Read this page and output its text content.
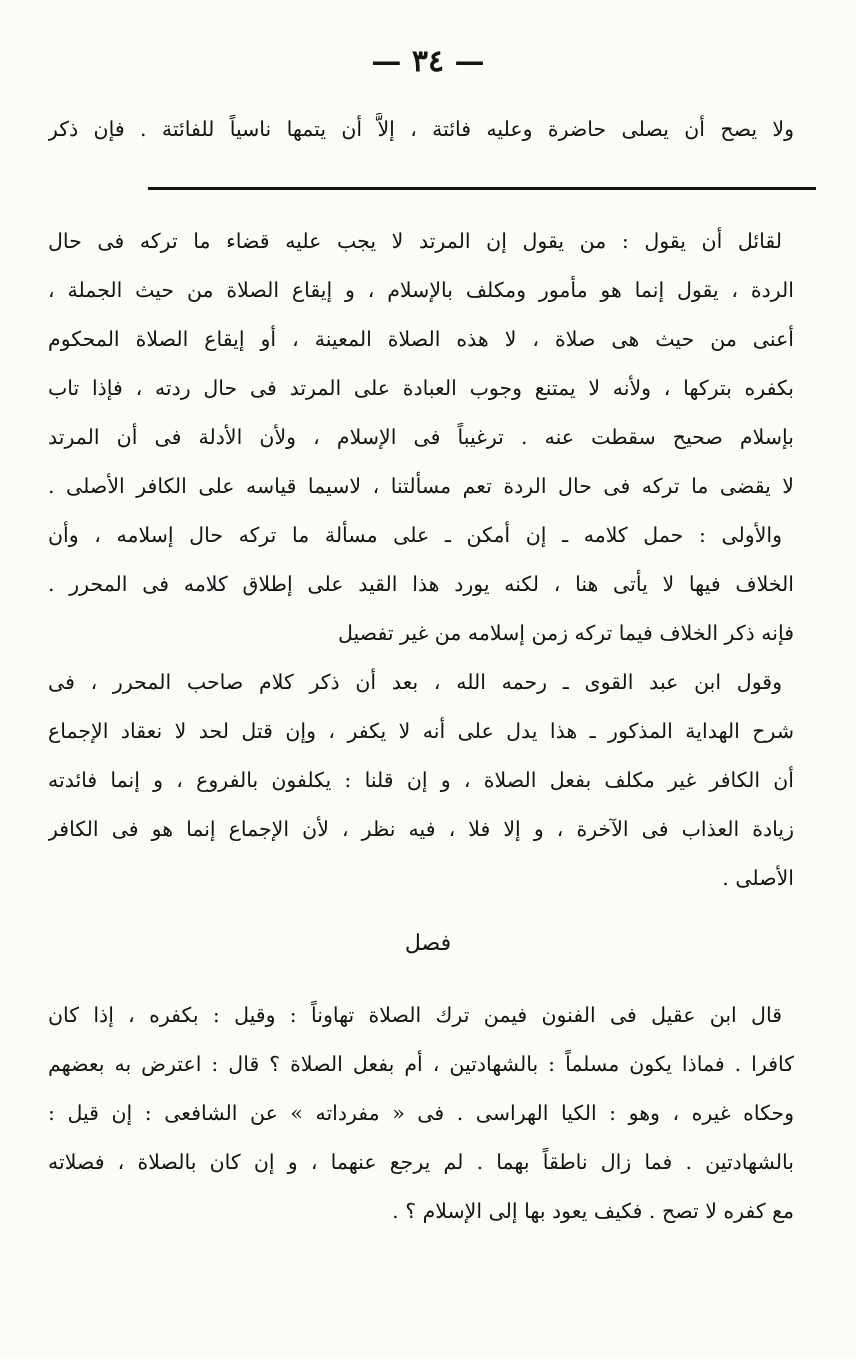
— ٣٤ —
ولا يصح أن يصلى حاضرة وعليه فائتة ، إلاَّ أن يتمها ناسياً للفائتة . فإن ذكر
لقائل أن يقول : من يقول إن المرتد لا يجب عليه قضاء ما تركه فى حال
الردة ، يقول إنما هو مأمور ومكلف بالإسلام ، و إيقاع الصلاة من حيث الجملة ،
أعنى من حيث هى صلاة ، لا هذه الصلاة المعينة ، أو إيقاع الصلاة المحكوم
بكفره بتركها ، ولأنه لا يمتنع وجوب العبادة على المرتد فى حال ردته ، فإذا تاب
بإسلام صحيح سقطت عنه . ترغيباً فى الإسلام ، ولأن الأدلة فى أن المرتد
لا يقضى ما تركه فى حال الردة تعم مسألتنا ، لاسيما قياسه على الكافر الأصلى .
والأولى : حمل كلامه ـ إن أمكن ـ على مسألة ما تركه حال إسلامه ، وأن
الخلاف فيها لا يأتى هنا ، لكنه يورد هذا القيد على إطلاق كلامه فى المحرر .
فإنه ذكر الخلاف فيما تركه زمن إسلامه من غير تفصيل
وقول ابن عبد القوى ـ رحمه الله ، بعد أن ذكر كلام صاحب المحرر ، فى
شرح الهداية المذكور ـ هذا يدل على أنه لا يكفر ، وإن قتل لحد لا نعقاد الإجماع
أن الكافر غير مكلف بفعل الصلاة ، و إن قلنا : يكلفون بالفروع ، و إنما فائدته
زيادة العذاب فى الآخرة ، و إلا فلا ، فيه نظر ، لأن الإجماع إنما هو فى الكافر
الأصلى .
فصل
قال ابن عقيل فى الفنون فيمن ترك الصلاة تهاوناً : وقيل : بكفره ، إذا كان
كافرا . فماذا يكون مسلماً : بالشهادتين ، أم بفعل الصلاة ؟ قال : اعترض به بعضهم
وحكاه غيره ، وهو : الكيا الهراسى . فى « مفرداته » عن الشافعى : إن قيل :
بالشهادتين . فما زال ناطقاً بهما . لم يرجع عنهما ، و إن كان بالصلاة ، فصلاته
مع كفره لا تصح . فكيف يعود بها إلى الإسلام ؟ .
